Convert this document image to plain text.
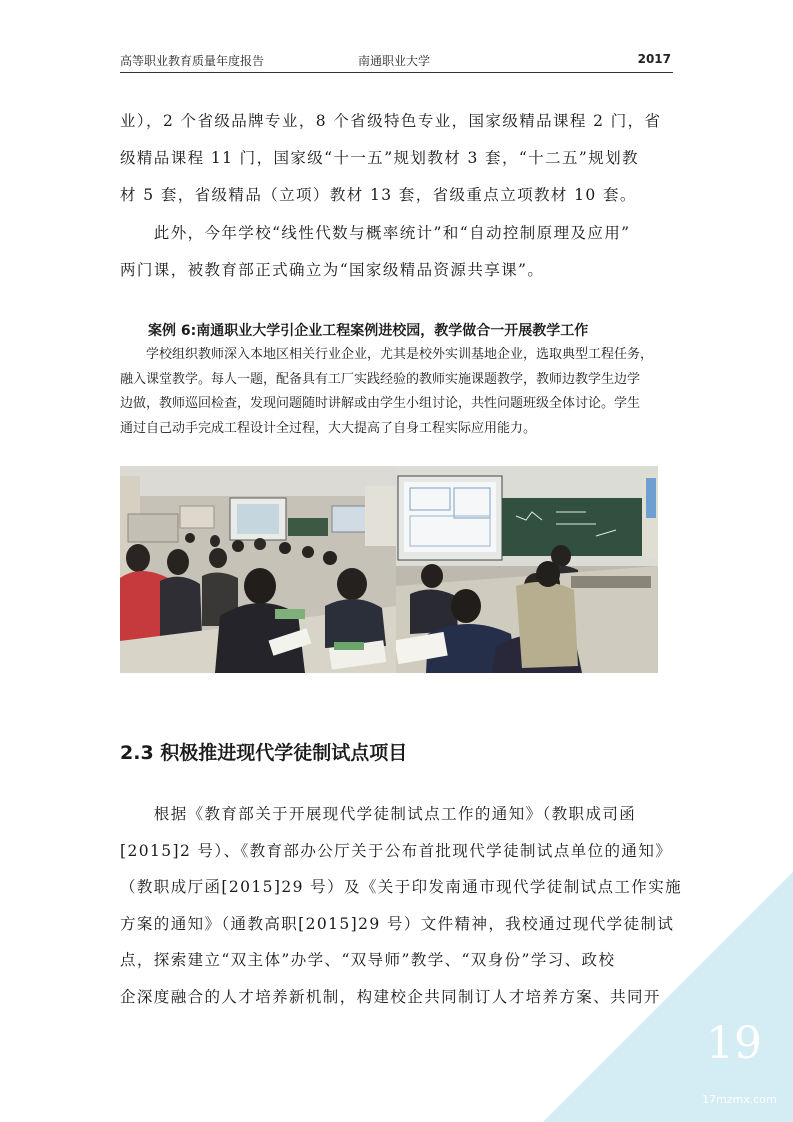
高等职业教育质量年度报告	南通职业大学	2017

业），2 个省级品牌专业，8 个省级特色专业，国家级精品课程 2 门，省
级精品课程 11 门，国家级“十一五”规划教材 3 套，“十二五”规划教
材 5 套，省级精品（立项）教材 13 套，省级重点立项教材 10 套。

　　此外，今年学校“线性代数与概率统计”和“自动控制原理及应用”
两门课，被教育部正式确立为“国家级精品资源共享课”。

案例 6:南通职业大学引企业工程案例进校园，教学做合一开展教学工作

　　学校组织教师深入本地区相关行业企业，尤其是校外实训基地企业，选取典型工程任务，
融入课堂教学。每人一题，配备具有工厂实践经验的教师实施课题教学，教师边教学生边学
边做，教师巡回检查，发现问题随时讲解或由学生小组讨论，共性问题班级全体讨论。学生
通过自己动手完成工程设计全过程，大大提高了自身工程实际应用能力。

2.3 积极推进现代学徒制试点项目

　　根据《教育部关于开展现代学徒制试点工作的通知》（教职成司函
[2015]2 号）、《教育部办公厅关于公布首批现代学徒制试点单位的通知》
（教职成厅函[2015]29 号）及《关于印发南通市现代学徒制试点工作实施
方案的通知》（通教高职[2015]29 号）文件精神，我校通过现代学徒制试
点，探索建立“双主体”办学、“双导师”教学、“双身份”学习、政校
企深度融合的人才培养新机制，构建校企共同制订人才培养方案、共同开

19
17mzmx.com
